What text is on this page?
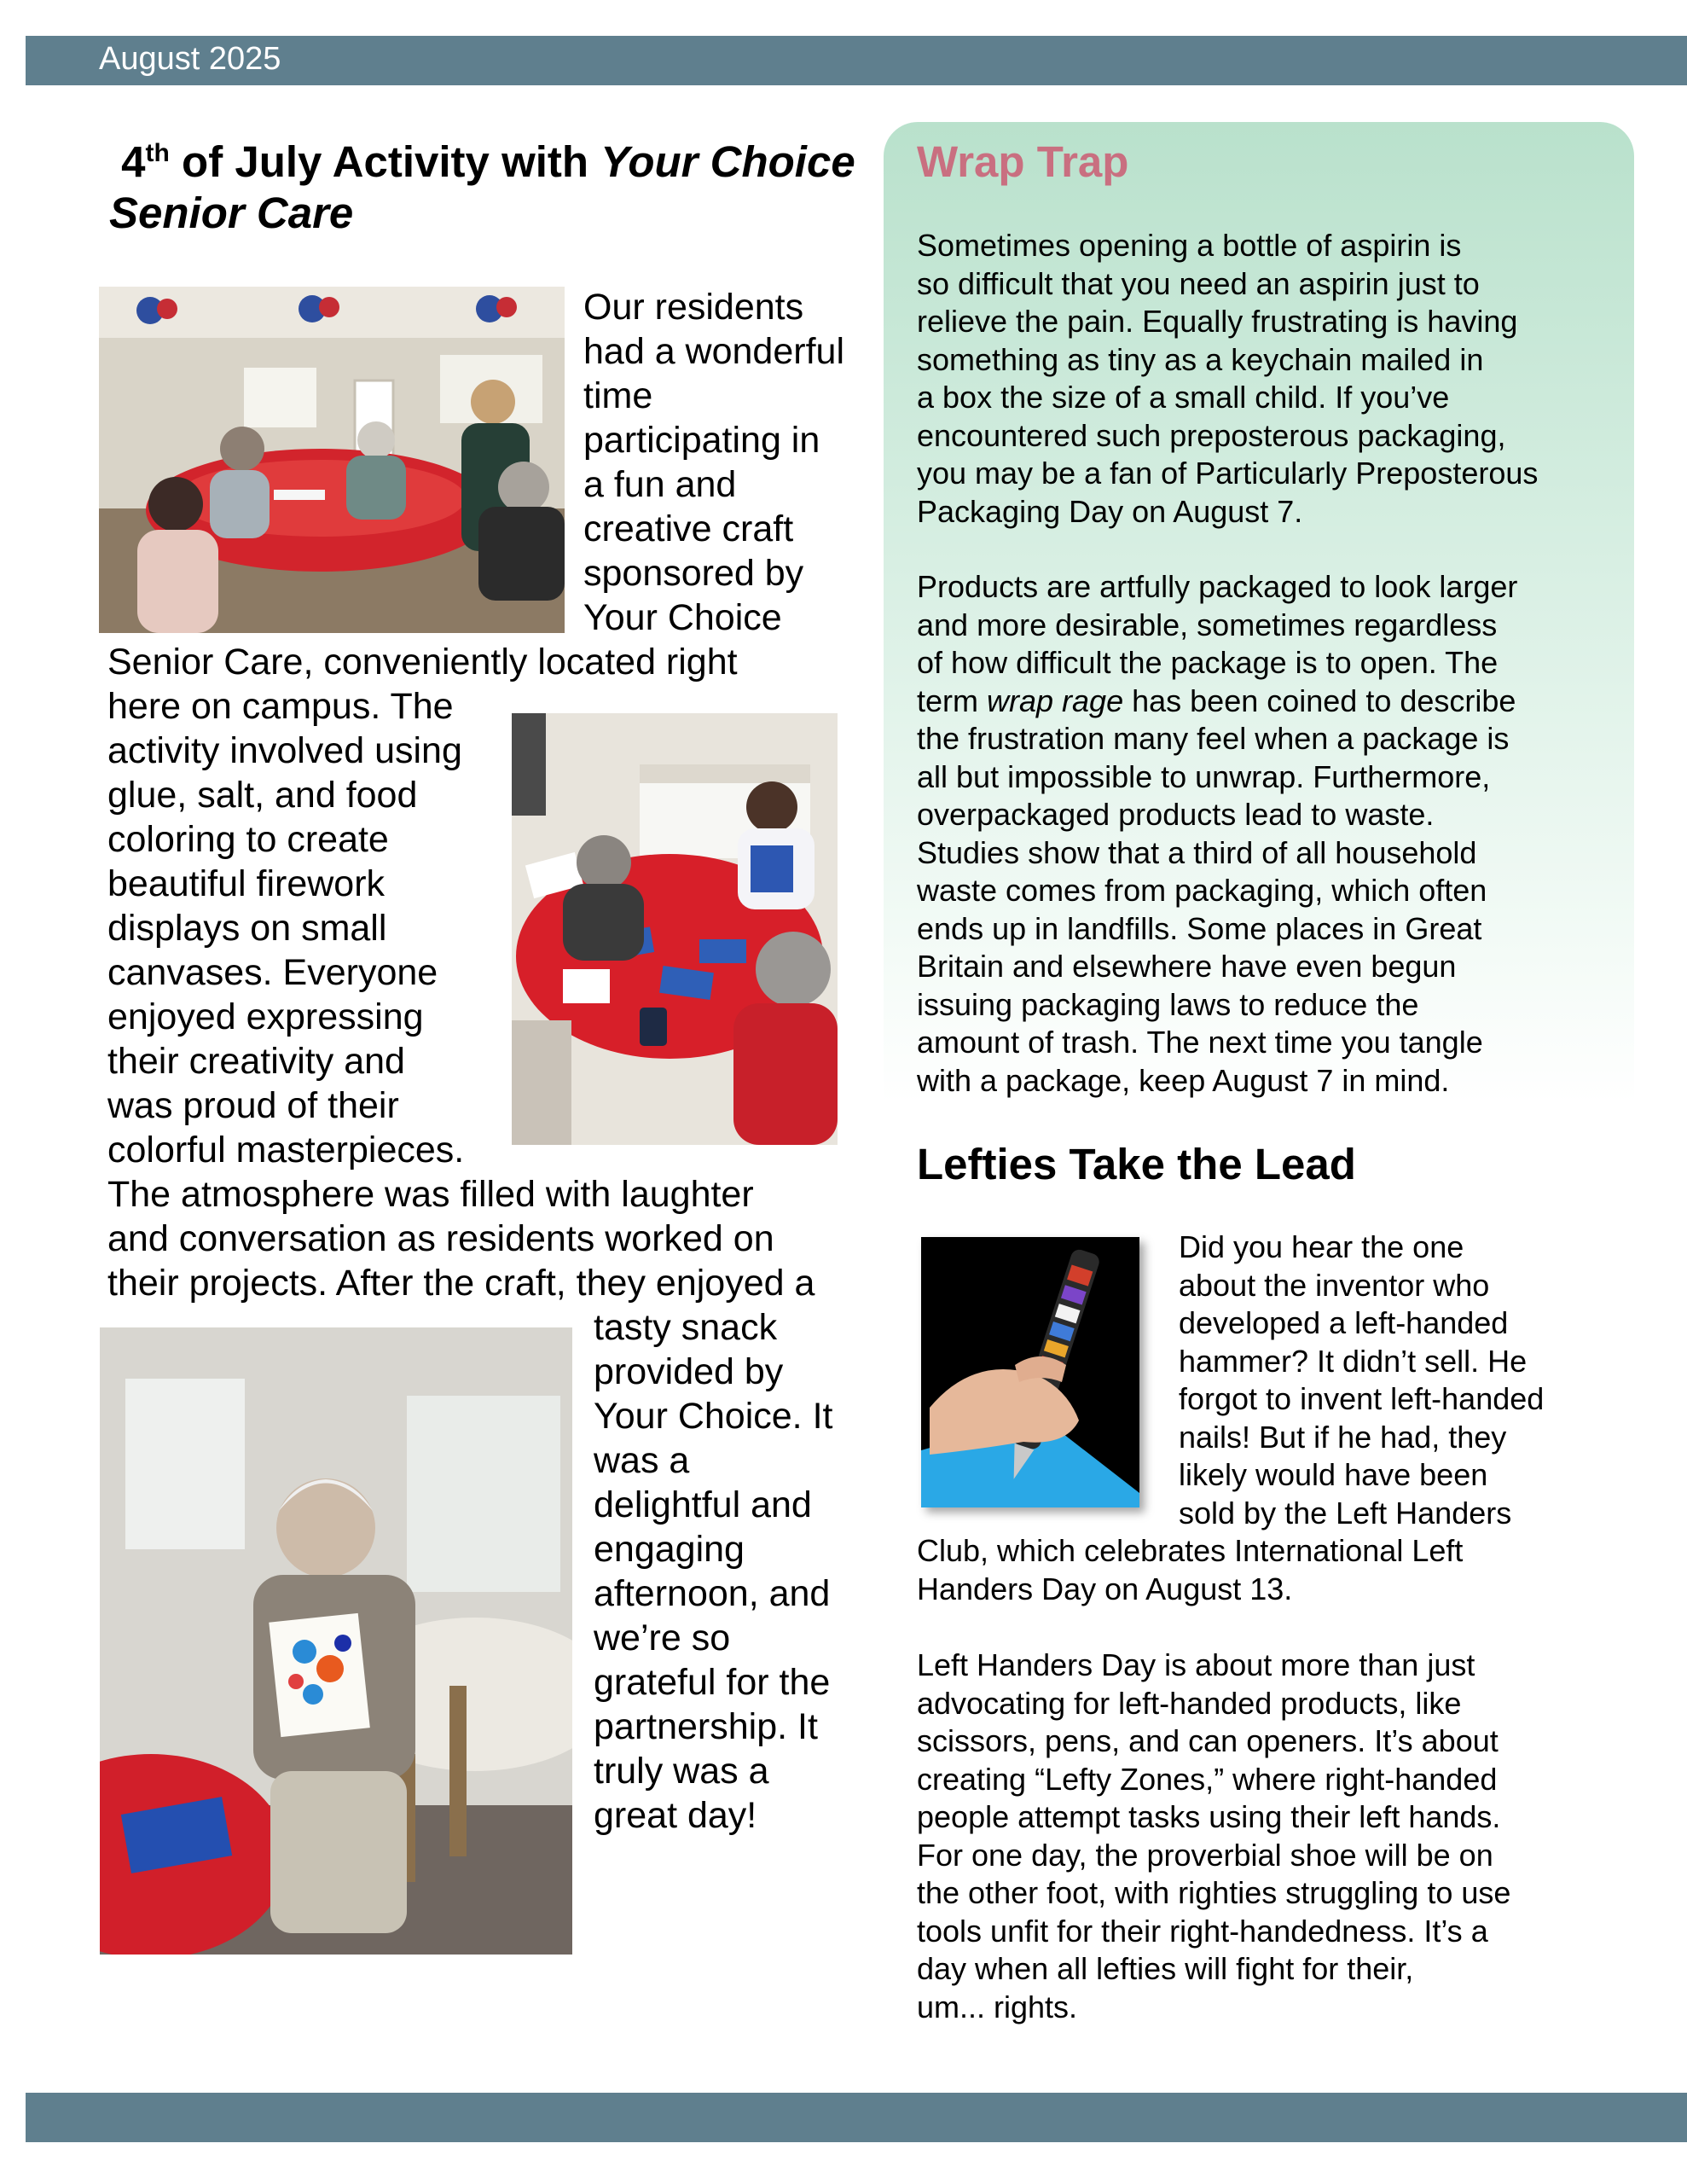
August 2025
4th of July Activity with Your Choice Senior Care
Our residents
had a wonderful
time
participating in
a fun and
creative craft
sponsored by
Your Choice
Senior Care, conveniently located right
here on campus. The
activity involved using
glue, salt, and food
coloring to create
beautiful firework
displays on small
canvases. Everyone
enjoyed expressing
their creativity and
was proud of their
colorful masterpieces.
The atmosphere was filled with laughter
and conversation as residents worked on
their projects. After the craft, they enjoyed a
tasty snack
provided by
Your Choice. It
was a
delightful and
engaging
afternoon, and
we’re so
grateful for the
partnership. It
truly was a
great day!
Wrap Trap
Sometimes opening a bottle of aspirin is
so difficult that you need an aspirin just to
relieve the pain. Equally frustrating is having
something as tiny as a keychain mailed in
a box the size of a small child. If you’ve
encountered such preposterous packaging,
you may be a fan of Particularly Preposterous
Packaging Day on August 7.
Products are artfully packaged to look larger
and more desirable, sometimes regardless
of how difficult the package is to open. The
term wrap rage has been coined to describe
the frustration many feel when a package is
all but impossible to unwrap. Furthermore,
overpackaged products lead to waste.
Studies show that a third of all household
waste comes from packaging, which often
ends up in landfills. Some places in Great
Britain and elsewhere have even begun
issuing packaging laws to reduce the
amount of trash. The next time you tangle
with a package, keep August 7 in mind.
Lefties Take the Lead
Did you hear the one
about the inventor who
developed a left-handed
hammer? It didn’t sell. He
forgot to invent left-handed
nails! But if he had, they
likely would have been
sold by the Left Handers
Club, which celebrates International Left
Handers Day on August 13.
Left Handers Day is about more than just
advocating for left-handed products, like
scissors, pens, and can openers. It’s about
creating “Lefty Zones,” where right-handed
people attempt tasks using their left hands.
For one day, the proverbial shoe will be on
the other foot, with righties struggling to use
tools unfit for their right-handedness. It’s a
day when all lefties will fight for their,
um... rights.
